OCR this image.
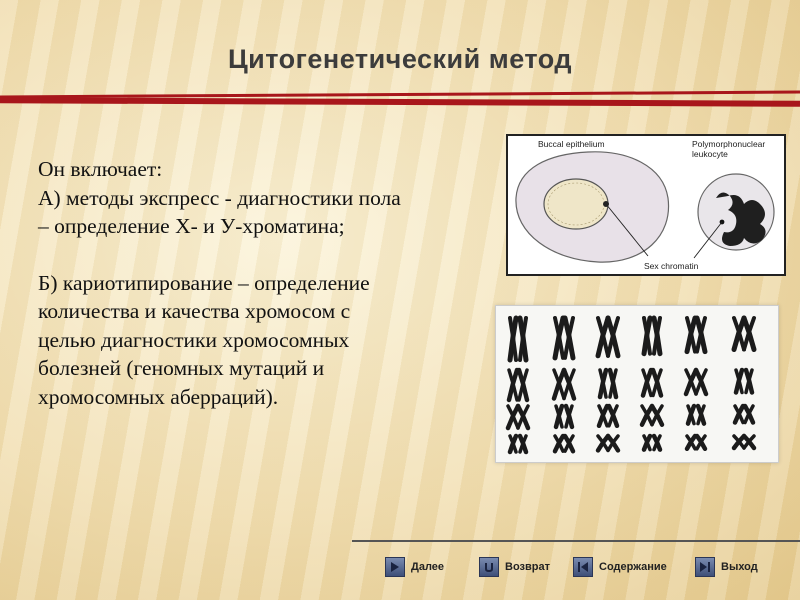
Цитогенетический метод

Он включает:

А) методы экспресс - диагностики пола

– определение Х- и У-хроматина;

Б) кариотипирование – определение

количества и качества хромосом с

целью диагностики хромосомных

болезней (геномных мутаций и

хромосомных аберраций).

Buccal epithelium	Polymorphonuclear
leukocyte
Sex chromatin
Далее	Возврат	Содержание	Выход
